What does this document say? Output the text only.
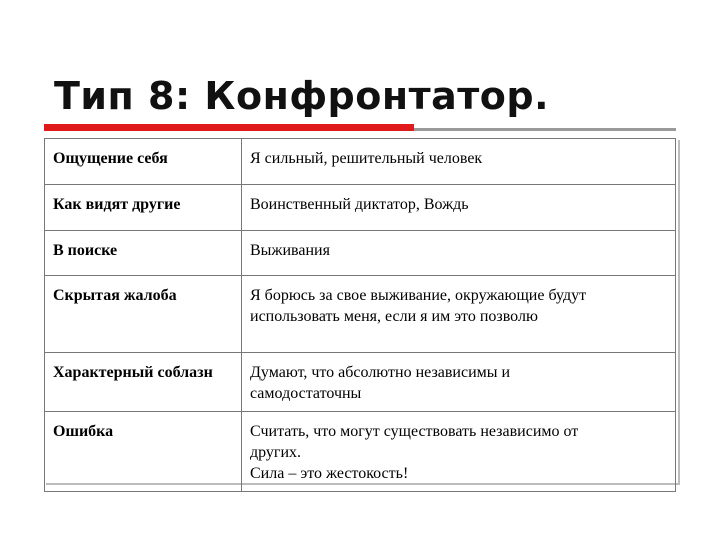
Тип 8: Конфронтатор.
Ощущение себя	Я сильный, решительный человек

Как видят другие	Воинственный диктатор, Вождь

В поиске	Выживания

Скрытая жалоба	Я борюсь за свое выживание, окружающие будут
использовать меня, если я им это позволю

Характерный соблазн	Думают, что абсолютно независимы и
самодостаточны

Ошибка	Считать, что могут существовать независимо от
других.
Сила – это жестокость!
